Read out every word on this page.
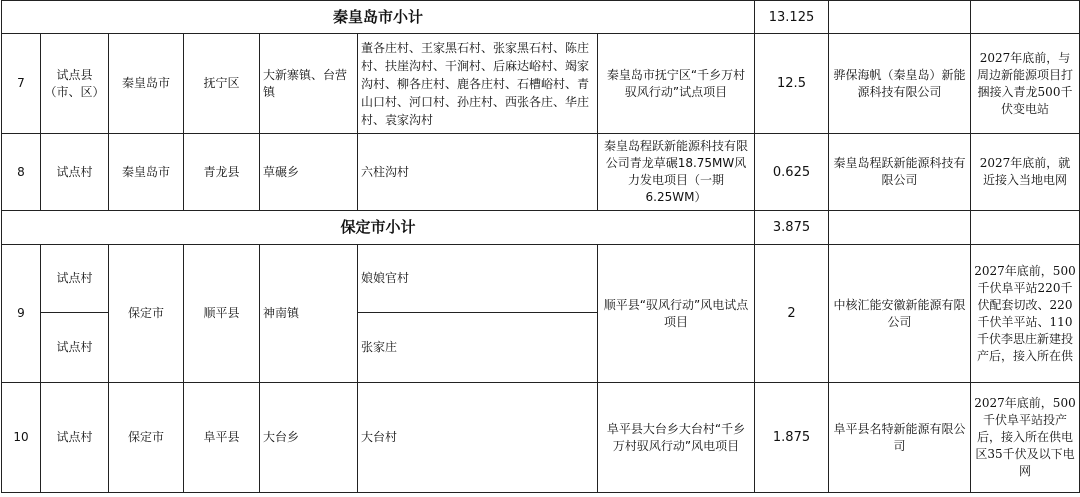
秦皇岛市小计							13.125		
7	试点县（市、区）	秦皇岛市	抚宁区	大新寨镇、台营镇	董各庄村、王家黑石村、张家黑石村、陈庄村、扶崖沟村、干涧村、后麻达峪村、竭家沟村、柳各庄村、鹿各庄村、石槽峪村、青山口村、河口村、孙庄村、西张各庄、华庄村、袁家沟村	秦皇岛市抚宁区“千乡万村驭风行动”试点项目	12.5	骅保海帆（秦皇岛）新能源科技有限公司	2027年底前，与周边新能源项目打捆接入青龙500千伏变电站
8	试点村	秦皇岛市	青龙县	草碾乡	六柱沟村	秦皇岛程跃新能源科技有限公司青龙草碾18.75MW风力发电项目（一期6.25WM）	0.625	秦皇岛程跃新能源科技有限公司	2027年底前，就近接入当地电网
保定市小计							3.875		
9	试点村	保定市	顺平县	神南镇	娘娘官村	顺平县“驭风行动”风电试点项目	2	中核汇能安徽新能源有限公司	2027年底前，500千伏阜平站220千伏配套切改、220千伏羊平站、110千伏李思庄新建投产后，接入所在供
	试点村				张家庄				
10	试点村	保定市	阜平县	大台乡	大台村	阜平县大台乡大台村“千乡万村驭风行动”风电项目	1.875	阜平县名特新能源有限公司	2027年底前，500千伏阜平站投产后，接入所在供电区35千伏及以下电网
